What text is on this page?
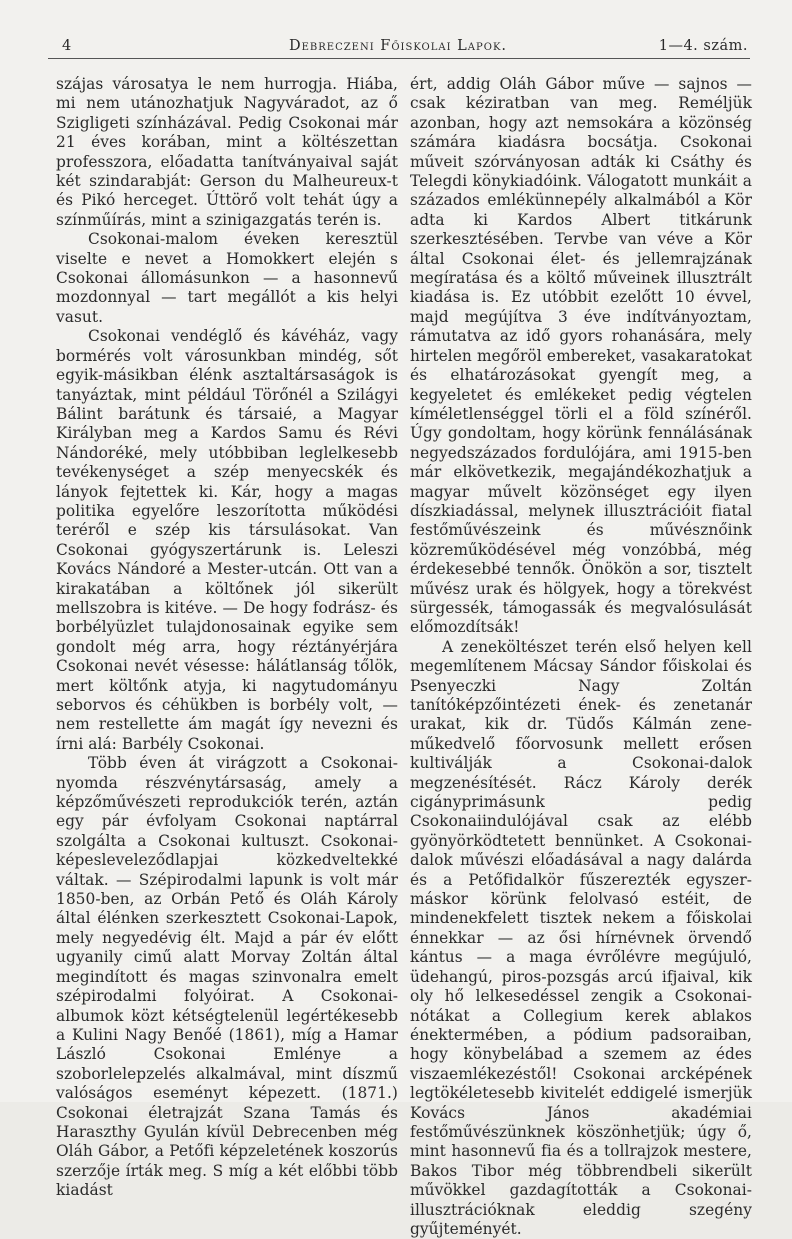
4	Debreczeni Főiskolai Lapok.	1—4. szám.

szájas városatya le nem hurrogja. Hiába, mi nem utánozhatjuk Nagyváradot, az ő Szigligeti színházával. Pedig Csokonai már 21 éves korában, mint a költészettan professzora, előadatta tanítványaival saját két szindarabját: Gerson du Malheureux-t és Pikó herceget. Úttörő volt tehát úgy a színműírás, mint a szinigazgatás terén is.

Csokonai-malom éveken keresztül viselte e nevet a Homokkert elején s Csokonai állomásunkon — a hasonnevű mozdonnyal — tart megállót a kis helyi vasut.

Csokonai vendéglő és kávéház, vagy bormérés volt városunkban mindég, sőt egyik-másikban élénk asztaltársaságok is tanyáztak, mint például Törőnél a Szilágyi Bálint barátunk és társaié, a Magyar Királyban meg a Kardos Samu és Révi Nándoréké, mely utóbbiban leglelkesebb tevékenységet a szép menyecskék és lányok fejtettek ki. Kár, hogy a magas politika egyelőre leszorította működési teréről e szép kis társulásokat. Van Csokonai gyógyszertárunk is. Leleszi Kovács Nándoré a Mester-utcán. Ott van a kirakatában a költőnek jól sikerült mellszobra is kitéve. — De hogy fodrász- és borbélyüzlet tulajdonosainak egyike sem gondolt még arra, hogy réztányérjára Csokonai nevét vésesse: hálátlanság tőlök, mert költőnk atyja, ki nagytudományu seborvos és céhükben is borbély volt, — nem restellette ám magát így nevezni és írni alá: Barbély Csokonai.

Több éven át virágzott a Csokonai-nyomda részvénytársaság, amely a képzőművészeti reprodukciók terén, aztán egy pár évfolyam Csokonai naptárral szolgálta a Csokonai kultuszt. Csokonai-képesleveleződlapjai közkedveltekké váltak. — Szépirodalmi lapunk is volt már 1850-ben, az Orbán Pető és Oláh Károly által élénken szerkesztett Csokonai-Lapok, mely negyedévig élt. Majd a pár év előtt ugyanily cimű alatt Morvay Zoltán által megindított és magas szinvonalra emelt szépirodalmi folyóirat. A Csokonai-albumok közt kétségtelenül legértékesebb a Kulini Nagy Benőé (1861), míg a Hamar László Csokonai Emlénye a szoborlelepzelés alkalmával, mint díszmű valóságos eseményt képezett. (1871.) Csokonai életrajzát Szana Tamás és Haraszthy Gyulán kívül Debrecenben még Oláh Gábor, a Petőfi képzeletének koszorús szerzője írták meg. S míg a két előbbi több kiadást

ért, addig Oláh Gábor műve — sajnos — csak kéziratban van meg. Reméljük azonban, hogy azt nemsokára a közönség számára kiadásra bocsátja. Csokonai műveit szórványosan adták ki Csáthy és Telegdi könykiadóink. Válogatott munkáit a százados emlékünnepély alkalmából a Kör adta ki Kardos Albert titkárunk szerkesztésében. Tervbe van véve a Kör által Csokonai élet- és jellemrajzának megíratása és a költő műveinek illusztrált kiadása is. Ez utóbbit ezelőtt 10 évvel, majd megújítva 3 éve indítványoztam, rámutatva az idő gyors rohanására, mely hirtelen megőröl embereket, vasakaratokat és elhatározásokat gyengít meg, a kegyeletet és emlékeket pedig végtelen kíméletlenséggel törli el a föld színéről. Úgy gondoltam, hogy körünk fennálásának negyedszázados fordulójára, ami 1915-ben már elkövetkezik, megajándékozhatjuk a magyar művelt közönséget egy ilyen díszkiadással, melynek illusztrációit fiatal festőművészeink és művésznőink közreműködésével még vonzóbbá, még érdekesebbé tennők. Önökön a sor, tisztelt művész urak és hölgyek, hogy a törekvést sürgessék, támogassák és megvalósulását előmozdítsák!

A zeneköltészet terén első helyen kell megemlítenem Mácsay Sándor főiskolai és Psenyeczki Nagy Zoltán tanítóképzőintézeti ének- és zenetanár urakat, kik dr. Tüdős Kálmán zene-műkedvelő főorvosunk mellett erősen kultiválják a Csokonai-dalok megzenésítését. Rácz Károly derék cigányprimásunk pedig Csokonaiindulójával csak az elébb gyönyörködtetett bennünket. A Csokonai-dalok művészi előadásával a nagy dalárda és a Petőfidalkör fűszerezték egyszer-máskor körünk felolvasó estéit, de mindenekfelett tisztek nekem a főiskolai énnekkar — az ősi hírnévnek örvendő kántus — a maga évrőlévre megújuló, üdehangú, piros-pozsgás arcú ifjaival, kik oly hő lelkesedéssel zengik a Csokonai-nótákat a Collegium kerek ablakos énektermében, a pódium padsoraiban, hogy könybelábad a szemem az édes viszaemlékezéstől! Csokonai arcképének legtökéletesebb kivitelét eddigelé ismerjük Kovács János akadémiai festőművészünknek köszönhetjük; úgy ő, mint hasonnevű fia és a tollrajzok mestere, Bakos Tibor még többrendbeli sikerült művökkel gazdagították a Csokonai-illusztrációknak eleddig szegény gyűjteményét.
